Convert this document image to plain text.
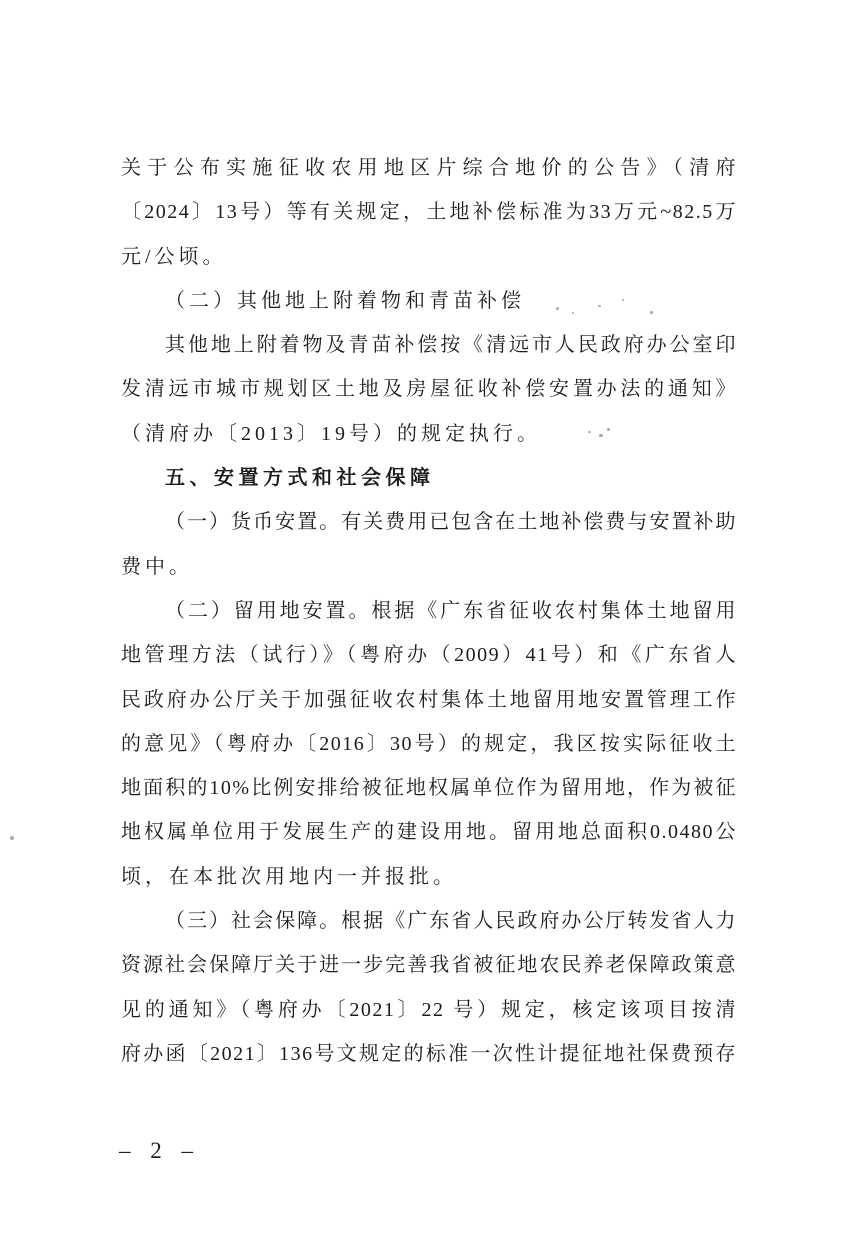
关于公布实施征收农用地区片综合地价的公告》（清府
〔2024〕13号）等有关规定，土地补偿标准为33万元~82.5万
元/公顷。
（二）其他地上附着物和青苗补偿
其他地上附着物及青苗补偿按《清远市人民政府办公室印
发清远市城市规划区土地及房屋征收补偿安置办法的通知》
（清府办〔2013〕19号）的规定执行。
五、安置方式和社会保障
（一）货币安置。有关费用已包含在土地补偿费与安置补助
费中。
（二）留用地安置。根据《广东省征收农村集体土地留用
地管理方法（试行）》（粤府办（2009）41号）和《广东省人
民政府办公厅关于加强征收农村集体土地留用地安置管理工作
的意见》（粤府办〔2016〕30号）的规定，我区按实际征收土
地面积的10%比例安排给被征地权属单位作为留用地，作为被征
地权属单位用于发展生产的建设用地。留用地总面积0.0480公
顷，在本批次用地内一并报批。
（三）社会保障。根据《广东省人民政府办公厅转发省人力
资源社会保障厅关于进一步完善我省被征地农民养老保障政策意
见的通知》（粤府办〔2021〕22 号）规定，核定该项目按清
府办函〔2021〕136号文规定的标准一次性计提征地社保费预存
– 2 –
